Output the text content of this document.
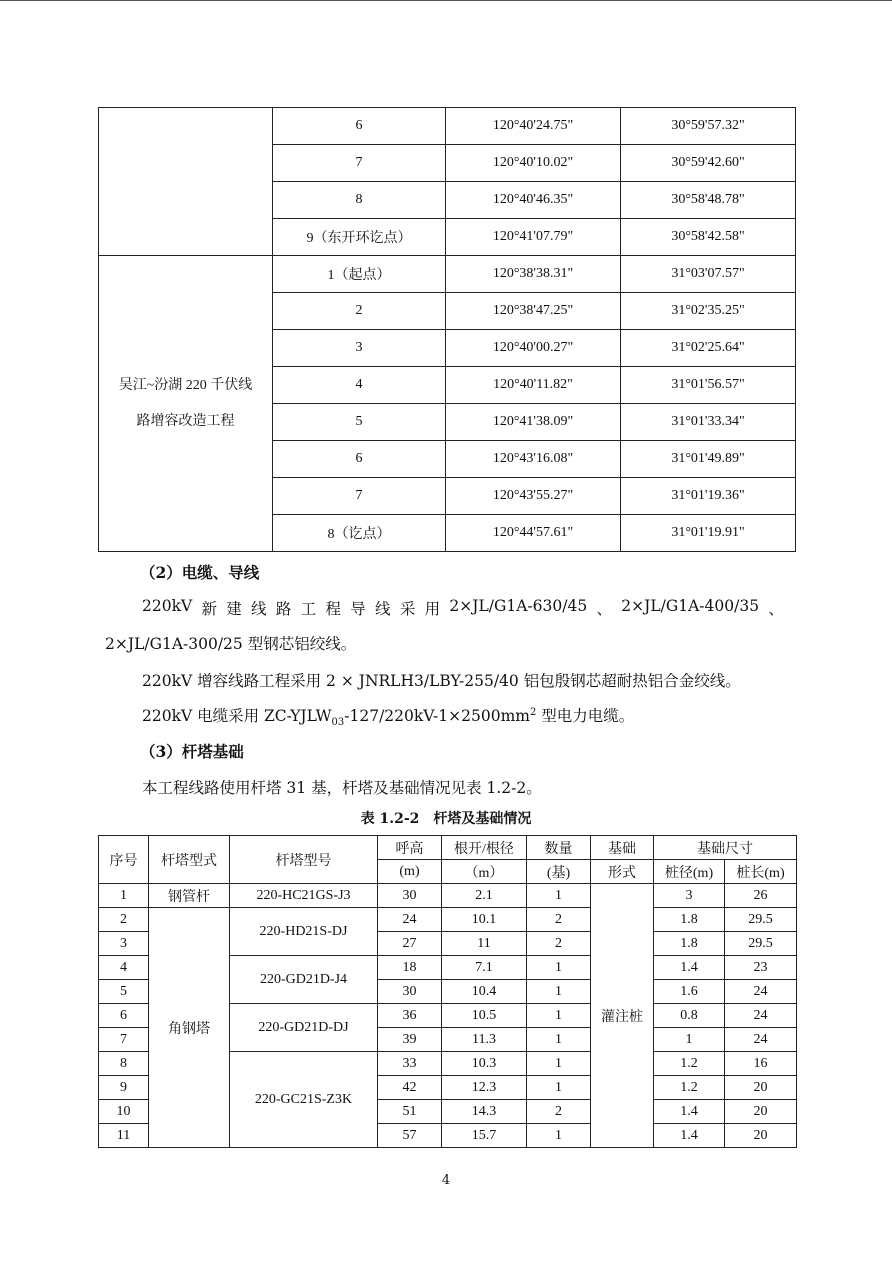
	6	120°40'24.75"	30°59'57.32"
	7	120°40'10.02"	30°59'42.60"
	8	120°40'46.35"	30°58'48.78"
	9（东开环讫点）	120°41'07.79"	30°58'42.58"

吴江~汾湖 220 千伏线
路增容改造工程	1（起点）	120°38'38.31"	31°03'07.57"
	2	120°38'47.25"	31°02'35.25"
	3	120°40'00.27"	31°02'25.64"
	4	120°40'11.82"	31°01'56.57"
	5	120°41'38.09"	31°01'33.34"
	6	120°43'16.08"	31°01'49.89"
	7	120°43'55.27"	31°01'19.36"
	8（讫点）	120°44'57.61"	31°01'19.91"
（2）电缆、导线
220kV 新 建 线 路 工 程 导 线 采 用 2×JL/G1A-630/45 、 2×JL/G1A-400/35 、
2×JL/G1A-300/25 型钢芯铝绞线。
220kV 增容线路工程采用 2 × JNRLH3/LBY-255/40 铝包殷钢芯超耐热铝合金绞线。
220kV 电缆采用 $ZC-YJLW_{03}-127/220kV-1\times 2500mm^2$ 型电力电缆。
（3）杆塔基础
本工程线路使用杆塔 31 基，杆塔及基础情况见表 1.2-2。
表 1.2-2　杆塔及基础情况
序号	杆塔型式	杆塔型号	呼高	根开/根径	数量	基础	基础尺寸	
			(m)	（m）	(基)	形式	桩径(m)	桩长(m)
1	钢管杆	220-HC21GS-J3	30	2.1	1	灌注桩	3	26
2	角钢塔	220-HD21S-DJ	24	10.1	2		1.8	29.5
3			27	11	2		1.8	29.5
4		220-GD21D-J4	18	7.1	1		1.4	23
5			30	10.4	1		1.6	24
6		220-GD21D-DJ	36	10.5	1		0.8	24
7			39	11.3	1		1	24
8		220-GC21S-Z3K	33	10.3	1		1.2	16
9			42	12.3	1		1.2	20
10			51	14.3	2		1.4	20
11			57	15.7	1		1.4	20
4
